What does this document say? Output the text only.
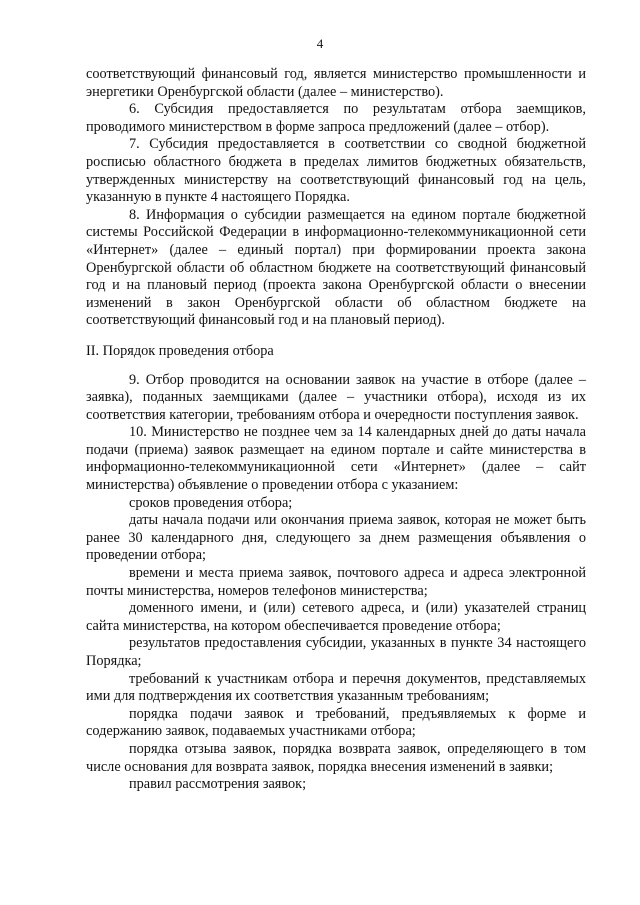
4

соответствующий финансовый год, является министерство промышленности и энергетики Оренбургской области (далее – министерство).

6. Субсидия предоставляется по результатам отбора заемщиков, проводимого министерством в форме запроса предложений (далее – отбор).

7. Субсидия предоставляется в соответствии со сводной бюджетной росписью областного бюджета в пределах лимитов бюджетных обязательств, утвержденных министерству на соответствующий финансовый год на цель, указанную в пункте 4 настоящего Порядка.

8. Информация о субсидии размещается на едином портале бюджетной системы Российской Федерации в информационно-телекоммуникационной сети «Интернет» (далее – единый портал) при формировании проекта закона Оренбургской области об областном бюджете на соответствующий финансовый год и на плановый период (проекта закона Оренбургской области о внесении изменений в закон Оренбургской области об областном бюджете на соответствующий финансовый год и на плановый период).

II. Порядок проведения отбора

9. Отбор проводится на основании заявок на участие в отборе (далее – заявка), поданных заемщиками (далее – участники отбора), исходя из их соответствия категории, требованиям отбора и очередности поступления заявок.

10. Министерство не позднее чем за 14 календарных дней до даты начала подачи (приема) заявок размещает на едином портале и сайте министерства в информационно-телекоммуникационной сети «Интернет» (далее – сайт министерства) объявление о проведении отбора с указанием:

сроков проведения отбора;

даты начала подачи или окончания приема заявок, которая не может быть ранее 30 календарного дня, следующего за днем размещения объявления о проведении отбора;

времени и места приема заявок, почтового адреса и адреса электронной почты министерства, номеров телефонов министерства;

доменного имени, и (или) сетевого адреса, и (или) указателей страниц сайта министерства, на котором обеспечивается проведение отбора;

результатов предоставления субсидии, указанных в пункте 34 настоящего Порядка;

требований к участникам отбора и перечня документов, представляемых ими для подтверждения их соответствия указанным требованиям;

порядка подачи заявок и требований, предъявляемых к форме и содержанию заявок, подаваемых участниками отбора;

порядка отзыва заявок, порядка возврата заявок, определяющего в том числе основания для возврата заявок, порядка внесения изменений в заявки;

правил рассмотрения заявок;
